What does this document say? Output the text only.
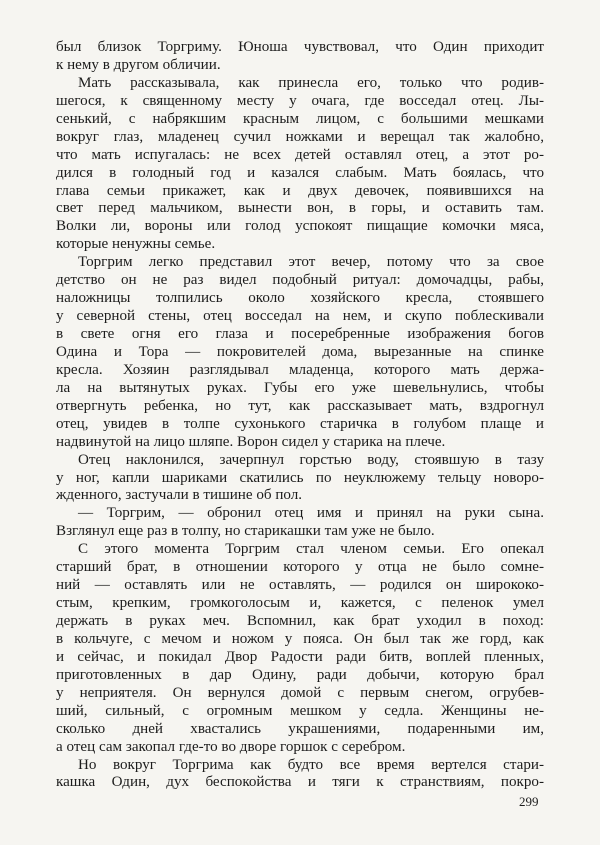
был близок Торгриму. Юноша чувствовал, что Один приходит
к нему в другом обличии.
Мать рассказывала, как принесла его, только что родив-
шегося, к священному месту у очага, где восседал отец. Лы-
сенький, с набрякшим красным лицом, с большими мешками
вокруг глаз, младенец сучил ножками и верещал так жалобно,
что мать испугалась: не всех детей оставлял отец, а этот ро-
дился в голодный год и казался слабым. Мать боялась, что
глава семьи прикажет, как и двух девочек, появившихся на
свет перед мальчиком, вынести вон, в горы, и оставить там.
Волки ли, вороны или голод успокоят пищащие комочки мяса,
которые ненужны семье.
Торгрим легко представил этот вечер, потому что за свое
детство он не раз видел подобный ритуал: домочадцы, рабы,
наложницы толпились около хозяйского кресла, стоявшего
у северной стены, отец восседал на нем, и скупо поблескивали
в свете огня его глаза и посеребренные изображения богов
Одина и Тора — покровителей дома, вырезанные на спинке
кресла. Хозяин разглядывал младенца, которого мать держа-
ла на вытянутых руках. Губы его уже шевельнулись, чтобы
отвергнуть ребенка, но тут, как рассказывает мать, вздрогнул
отец, увидев в толпе сухонького старичка в голубом плаще и
надвинутой на лицо шляпе. Ворон сидел у старика на плече.
Отец наклонился, зачерпнул горстью воду, стоявшую в тазу
у ног, капли шариками скатились по неуклюжему тельцу новоро-
жденного, застучали в тишине об пол.
— Торгрим, — обронил отец имя и принял на руки сына.
Взглянул еще раз в толпу, но старикашки там уже не было.
С этого момента Торгрим стал членом семьи. Его опекал
старший брат, в отношении которого у отца не было сомне-
ний — оставлять или не оставлять, — родился он ширококо-
стым, крепким, громкоголосым и, кажется, с пеленок умел
держать в руках меч. Вспомнил, как брат уходил в поход:
в кольчуге, с мечом и ножом у пояса. Он был так же горд, как
и сейчас, и покидал Двор Радости ради битв, воплей пленных,
приготовленных в дар Одину, ради добычи, которую брал
у неприятеля. Он вернулся домой с первым снегом, огрубев-
ший, сильный, с огромным мешком у седла. Женщины не-
сколько дней хвастались украшениями, подаренными им,
а отец сам закопал где-то во дворе горшок с серебром.
Но вокруг Торгрима как будто все время вертелся стари-
кашка Один, дух беспокойства и тяги к странствиям, покро-
299
